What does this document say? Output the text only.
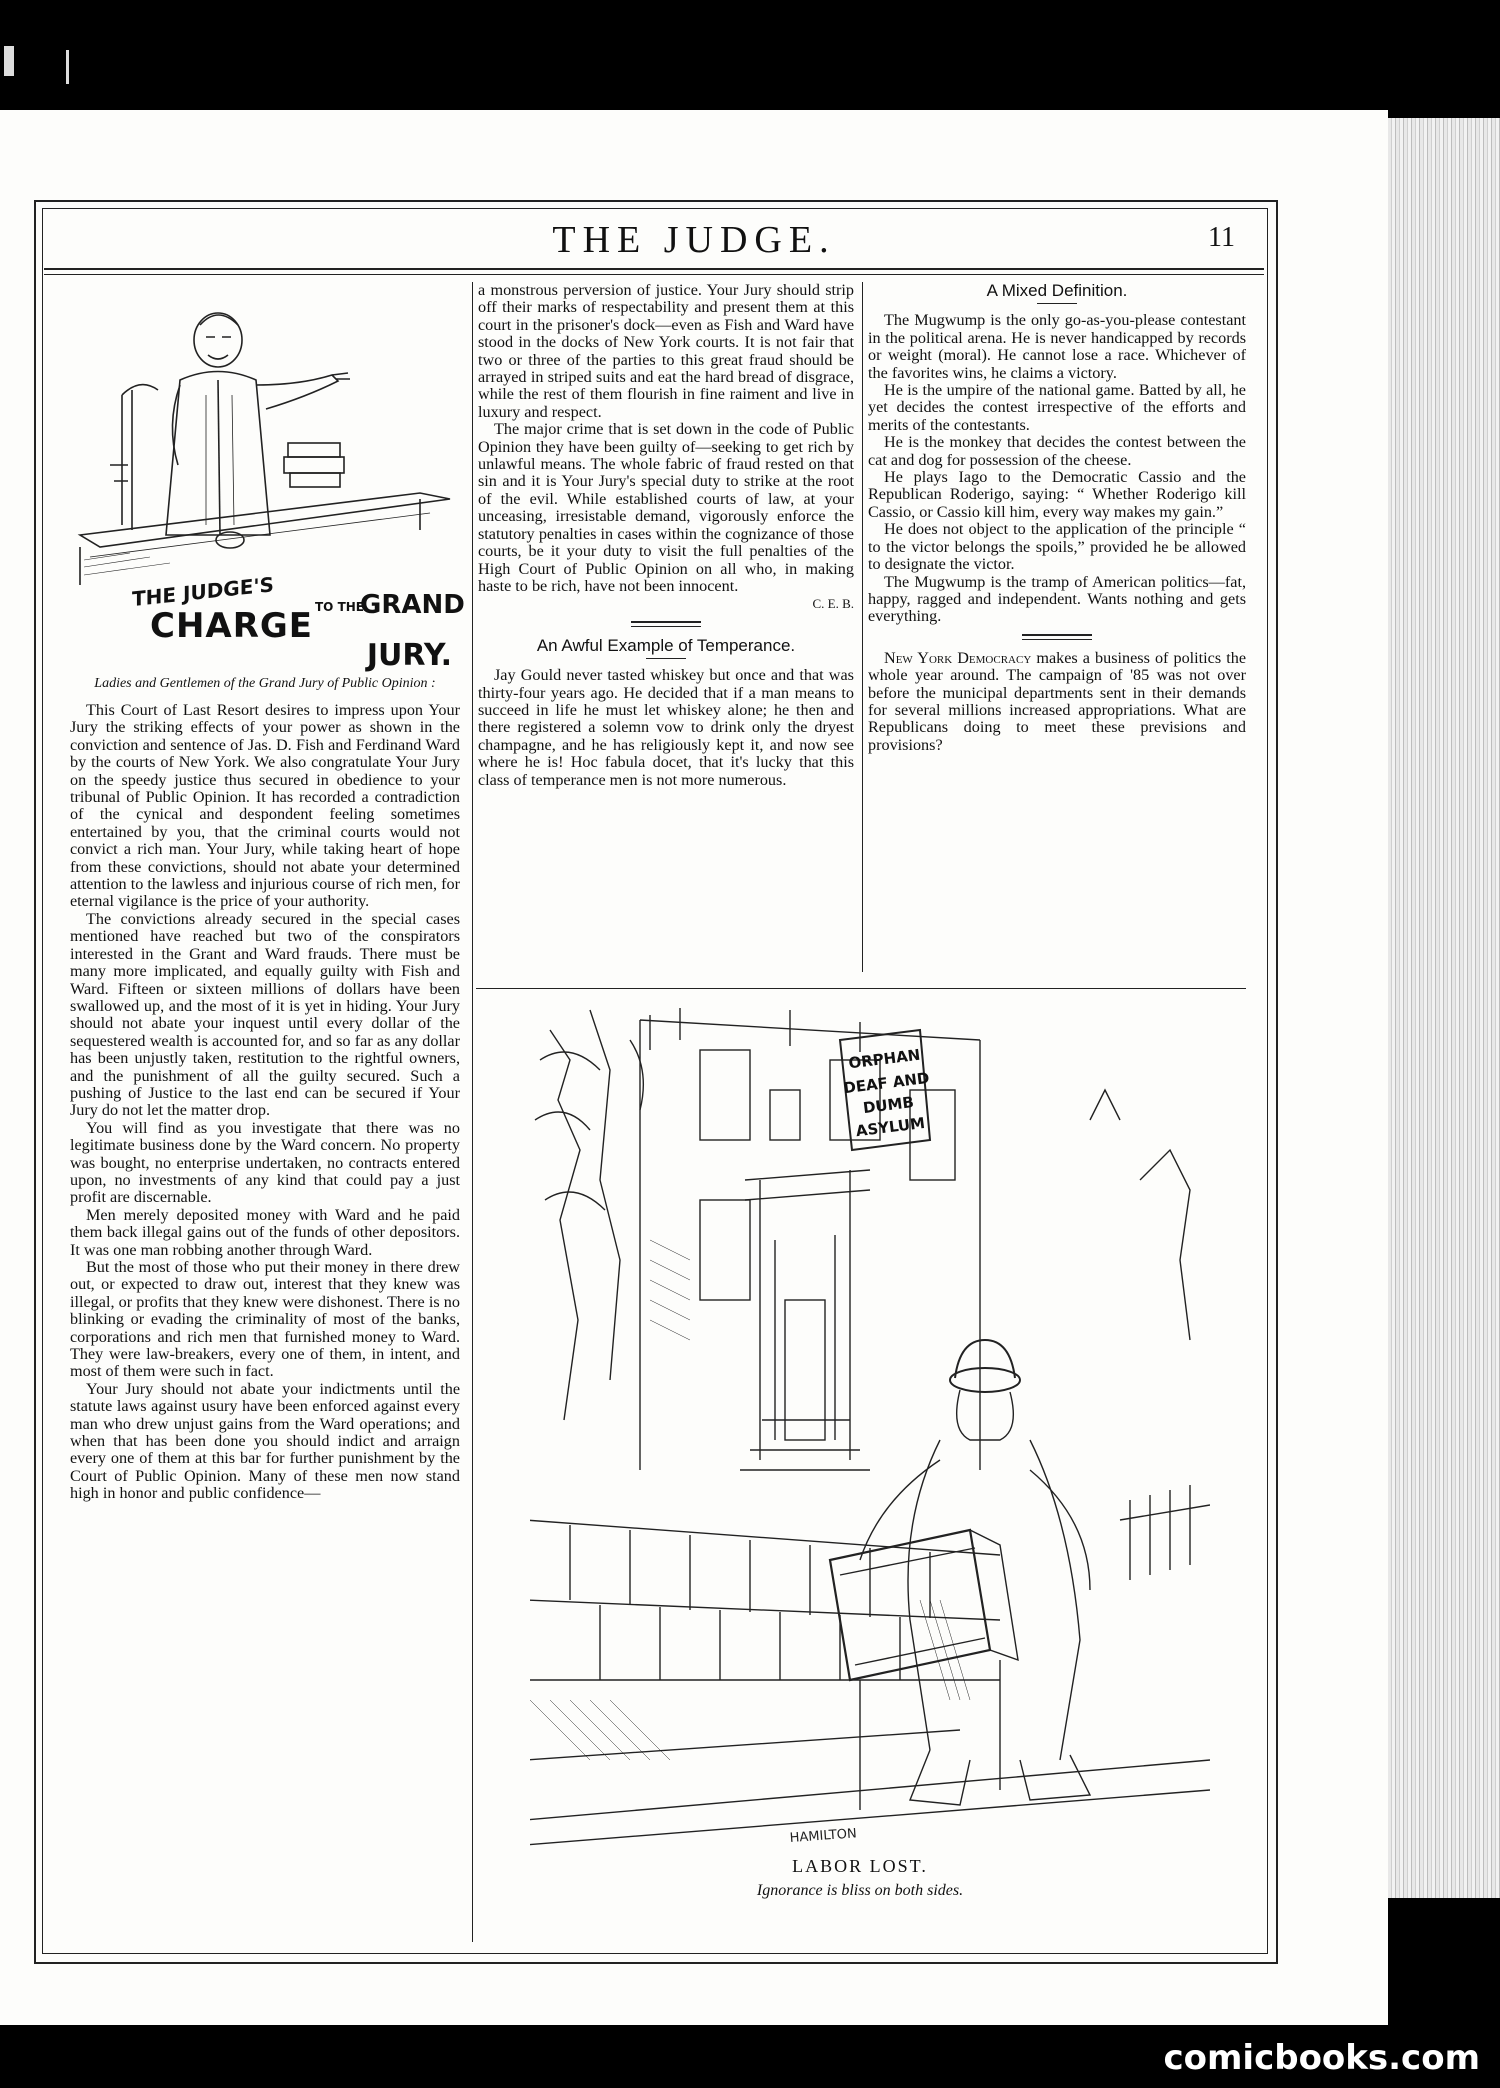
THE JUDGE.	11
THE JUDGE'S
CHARGE TO THE
GRAND
JURY.
Ladies and Gentlemen of the Grand Jury of Public Opinion :

This Court of Last Resort desires to impress upon Your Jury the striking effects of your power as shown in the conviction and sentence of Jas. D. Fish and Ferdinand Ward by the courts of New York. We also congratulate Your Jury on the speedy justice thus secured in obedience to your tribunal of Public Opinion. It has recorded a contradiction of the cynical and despondent feeling sometimes entertained by you, that the criminal courts would not convict a rich man. Your Jury, while taking heart of hope from these convictions, should not abate your determined attention to the lawless and injurious course of rich men, for eternal vigilance is the price of your authority.

The convictions already secured in the special cases mentioned have reached but two of the conspirators interested in the Grant and Ward frauds. There must be many more implicated, and equally guilty with Fish and Ward. Fifteen or sixteen millions of dollars have been swallowed up, and the most of it is yet in hiding. Your Jury should not abate your inquest until every dollar of the sequestered wealth is accounted for, and so far as any dollar has been unjustly taken, restitution to the rightful owners, and the punishment of all the guilty secured. Such a pushing of Justice to the last end can be secured if Your Jury do not let the matter drop.

You will find as you investigate that there was no legitimate business done by the Ward concern. No property was bought, no enterprise undertaken, no contracts entered upon, no investments of any kind that could pay a just profit are discernable.

Men merely deposited money with Ward and he paid them back illegal gains out of the funds of other depositors. It was one man robbing another through Ward.

But the most of those who put their money in there drew out, or expected to draw out, interest that they knew was illegal, or profits that they knew were dishonest. There is no blinking or evading the criminality of most of the banks, corporations and rich men that furnished money to Ward. They were law-breakers, every one of them, in intent, and most of them were such in fact.

Your Jury should not abate your indictments until the statute laws against usury have been enforced against every man who drew unjust gains from the Ward operations; and when that has been done you should indict and arraign every one of them at this bar for further punishment by the Court of Public Opinion. Many of these men now stand high in honor and public confidence—

a monstrous perversion of justice. Your Jury should strip off their marks of respectability and present them at this court in the prisoner's dock—even as Fish and Ward have stood in the docks of New York courts. It is not fair that two or three of the parties to this great fraud should be arrayed in striped suits and eat the hard bread of disgrace, while the rest of them flourish in fine raiment and live in luxury and respect.

The major crime that is set down in the code of Public Opinion they have been guilty of—seeking to get rich by unlawful means. The whole fabric of fraud rested on that sin and it is Your Jury's special duty to strike at the root of the evil. While established courts of law, at your unceasing, irresistable demand, vigorously enforce the statutory penalties in cases within the cognizance of those courts, be it your duty to visit the full penalties of the High Court of Public Opinion on all who, in making haste to be rich, have not been innocent.

C. E. B.
An Awful Example of Temperance.

Jay Gould never tasted whiskey but once and that was thirty-four years ago. He decided that if a man means to succeed in life he must let whiskey alone; he then and there registered a solemn vow to drink only the dryest champagne, and he has religiously kept it, and now see where he is! Hoc fabula docet, that it's lucky that this class of temperance men is not more numerous.

A Mixed Definition.

The Mugwump is the only go-as-you-please contestant in the political arena. He is never handicapped by records or weight (moral). He cannot lose a race. Whichever of the favorites wins, he claims a victory.

He is the umpire of the national game. Batted by all, he yet decides the contest irrespective of the efforts and merits of the contestants.

He is the monkey that decides the contest between the cat and dog for possession of the cheese.

He plays Iago to the Democratic Cassio and the Republican Roderigo, saying: “ Whether Roderigo kill Cassio, or Cassio kill him, every way makes my gain.”

He does not object to the application of the principle “ to the victor belongs the spoils,” provided he be allowed to designate the victor.

The Mugwump is the tramp of American politics—fat, happy, ragged and independent. Wants nothing and gets everything.

New York Democracy makes a business of politics the whole year around. The campaign of '85 was not over before the municipal departments sent in their demands for several millions increased appropriations. What are Republicans doing to meet these previsions and provisions?

ORPHAN
DEAF AND
DUMB
ASYLUM
HAMILTON
LABOR LOST.
Ignorance is bliss on both sides.
comicbooks.com
